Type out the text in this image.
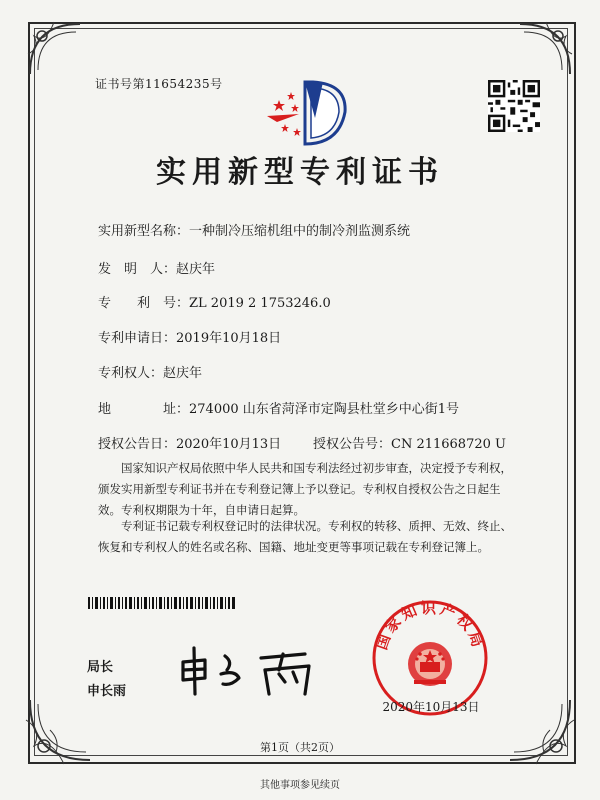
证书号第11654235号
实用新型专利证书
实用新型名称：一种制冷压缩机组中的制冷剂监测系统
发　明　人：赵庆年
专　　利　号：ZL 2019 2 1753246.0
专利申请日：2019年10月18日
专利权人：赵庆年
地　　　　址：274000 山东省菏泽市定陶县杜堂乡中心街1号
授权公告日：2020年10月13日 授权公告号：CN 211668720 U
国家知识产权局依照中华人民共和国专利法经过初步审查，决定授予专利权，颁发实用新型专利证书并在专利登记簿上予以登记。专利权自授权公告之日起生效。专利权期限为十年，自申请日起算。
专利证书记载专利权登记时的法律状况。专利权的转移、质押、无效、终止、恢复和专利权人的姓名或名称、国籍、地址变更等事项记载在专利登记簿上。
局长
申长雨
国家知识产权局
2020年10月13日
第1页（共2页）
其他事项参见续页
